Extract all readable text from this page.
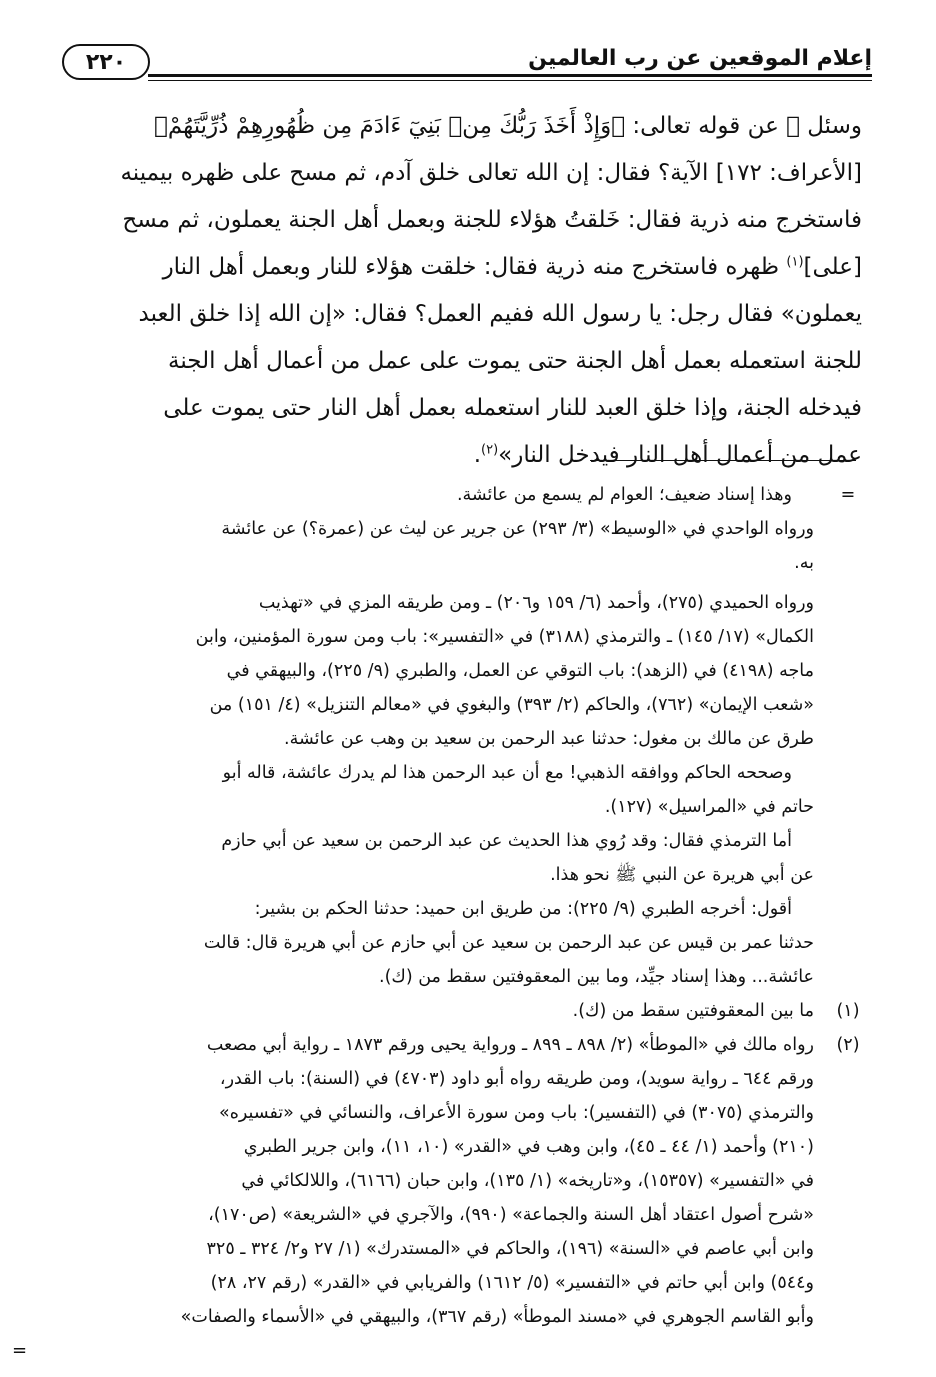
إعلام الموقعين عن رب العالمين
٢٢٠
وسئل ﷺ عن قوله تعالى: ﴿وَإِذْ أَخَذَ رَبُّكَ مِنۢ بَنِيٓ ءَادَمَ مِن ظُهُورِهِمْ ذُرِّيَّتَهُمْ﴾
[الأعراف: ١٧٢] الآية؟ فقال: إن الله تعالى خلق آدم، ثم مسح على ظهره بيمينه
فاستخرج منه ذرية فقال: خَلقتُ هؤلاء للجنة وبعمل أهل الجنة يعملون، ثم مسح
[على]$^{(١)}$ ظهره فاستخرج منه ذرية فقال: خلقت هؤلاء للنار وبعمل أهل النار
يعملون» فقال رجل: يا رسول الله ففيم العمل؟ فقال: «إن الله إذا خلق العبد
للجنة استعمله بعمل أهل الجنة حتى يموت على عمل من أعمال أهل الجنة
فيدخله الجنة، وإذا خلق العبد للنار استعمله بعمل أهل النار حتى يموت على
عمل من أعمال أهل النار فيدخل النار»$^{(٢)}$.
=
وهذا إسناد ضعيف؛ العوام لم يسمع من عائشة.
ورواه الواحدي في «الوسيط» (٣/ ٢٩٣) عن جرير عن ليث عن (عمرة؟) عن عائشة
به.
ورواه الحميدي (٢٧٥)، وأحمد (٦/ ١٥٩ و٢٠٦) ـ ومن طريقه المزي في «تهذيب
الكمال» (١٧/ ١٤٥) ـ والترمذي (٣١٨٨) في «التفسير»: باب ومن سورة المؤمنين، وابن
ماجه (٤١٩٨) في (الزهد): باب التوقي عن العمل، والطبري (٩/ ٢٢٥)، والبيهقي في
«شعب الإيمان» (٧٦٢)، والحاكم (٢/ ٣٩٣) والبغوي في «معالم التنزيل» (٤/ ١٥١) من
طرق عن مالك بن مغول: حدثنا عبد الرحمن بن سعيد بن وهب عن عائشة.
وصححه الحاكم ووافقه الذهبي! مع أن عبد الرحمن هذا لم يدرك عائشة، قاله أبو
حاتم في «المراسيل» (١٢٧).
أما الترمذي فقال: وقد رُوي هذا الحديث عن عبد الرحمن بن سعيد عن أبي حازم
عن أبي هريرة عن النبي ﷺ نحو هذا.
أقول: أخرجه الطبري (٩/ ٢٢٥): من طريق ابن حميد: حدثنا الحكم بن بشير:
حدثنا عمر بن قيس عن عبد الرحمن بن سعيد عن أبي حازم عن أبي هريرة قال: قالت
عائشة... وهذا إسناد جيِّد، وما بين المعقوفتين سقط من (ك).
(١)
ما بين المعقوفتين سقط من (ك).
(٢)
رواه مالك في «الموطأ» (٢/ ٨٩٨ ـ ٨٩٩ ـ ورواية يحيى ورقم ١٨٧٣ ـ رواية أبي مصعب
ورقم ٦٤٤ ـ رواية سويد)، ومن طريقه رواه أبو داود (٤٧٠٣) في (السنة): باب القدر،
والترمذي (٣٠٧٥) في (التفسير): باب ومن سورة الأعراف، والنسائي في «تفسيره»
(٢١٠) وأحمد (١/ ٤٤ ـ ٤٥)، وابن وهب في «القدر» (١٠، ١١)، وابن جرير الطبري
في «التفسير» (١٥٣٥٧)، و«تاريخه» (١/ ١٣٥)، وابن حبان (٦١٦٦)، واللالكائي في
«شرح أصول اعتقاد أهل السنة والجماعة» (٩٩٠)، والآجري في «الشريعة» (ص١٧٠)،
وابن أبي عاصم في «السنة» (١٩٦)، والحاكم في «المستدرك» (١/ ٢٧ و٢/ ٣٢٤ ـ ٣٢٥
و٥٤٤) وابن أبي حاتم في «التفسير» (٥/ ١٦١٢) والفريابي في «القدر» (رقم ٢٧، ٢٨)
وأبو القاسم الجوهري في «مسند الموطأ» (رقم ٣٦٧)، والبيهقي في «الأسماء والصفات»
=
